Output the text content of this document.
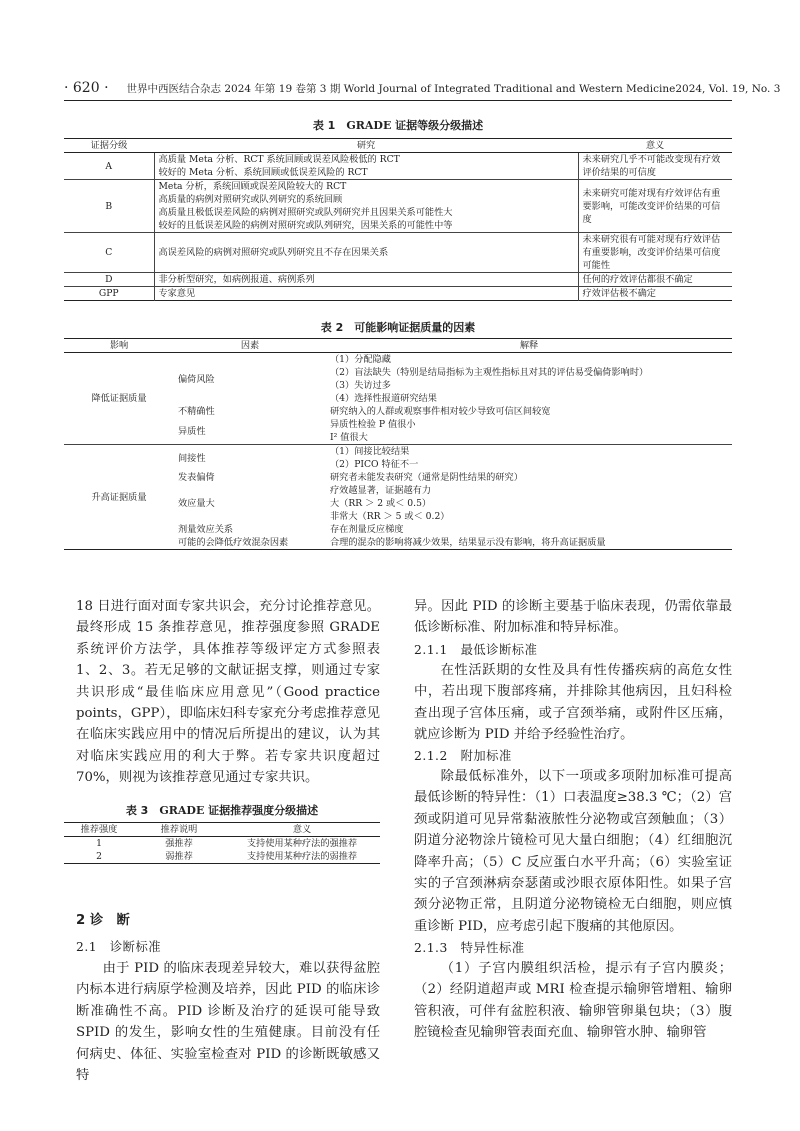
· 620 · 世界中西医结合杂志 2024 年第 19 卷第 3 期 World Journal of Integrated Traditional and Western Medicine 2024, Vol. 19, No. 3
表 1　 GRADE 证据等级分级描述
证据分级	研究	意义
A	高质量 Meta 分析、RCT 系统回顾或误差风险极低的 RCT
较好的 Meta 分析、系统回顾或低误差风险的 RCT	未来研究几乎不可能改变现有疗效评价结果的可信度
B	Meta 分析，系统回顾或误差风险较大的 RCT
高质量的病例对照研究或队列研究的系统回顾
高质量且极低误差风险的病例对照研究或队列研究并且因果关系可能性大
较好的且低误差风险的病例对照研究或队列研究，因果关系的可能性中等	未来研究可能对现有疗效评估有重要影响，可能改变评价结果的可信度
C	高误差风险的病例对照研究或队列研究且不存在因果关系	未来研究很有可能对现有疗效评估有重要影响，改变评价结果可信度可能性
D	非分析型研究，如病例报道、病例系列	任何的疗效评估都很不确定
GPP	专家意见	疗效评估极不确定
表 2　 可能影响证据质量的因素
影响	因素	解释
降低证据质量	偏倚风险	（1）分配隐藏
（2）盲法缺失（特别是结局指标为主观性指标且对其的评估易受偏倚影响时）
（3）失访过多
（4）选择性报道研究结果

	不精确性	研究纳入的人群或观察事件相对较少导致可信区间较宽
	异质性	异质性检验 P 值很小
I² 值很大

升高证据质量	间接性	（1）间接比较结果
（2）PICO 特征不一

	发表偏倚	研究者未能发表研究（通常是阴性结果的研究）
	效应量大	疗效越显著，证据越有力
大（RR ＞ 2 或＜ 0.5）
非常大（RR ＞ 5 或＜ 0.2）

	剂量效应关系	存在剂量反应梯度
	可能的会降低疗效混杂因素	合理的混杂的影响将减少效果，结果显示没有影响，将升高证据质量

18 日进行面对面专家共识会，充分讨论推荐意见。最终形成 15 条推荐意见，推荐强度参照 GRADE 系统评价方法学，具体推荐等级评定方式参照表 1、2、3。若无足够的文献证据支撑，则通过专家共识形成“最佳临床应用意见”（Good practice points，GPP），即临床妇科专家充分考虑推荐意见在临床实践应用中的情况后所提出的建议，认为其对临床实践应用的利大于弊。若专家共识度超过 70%，则视为该推荐意见通过专家共识。

表 3　 GRADE 证据推荐强度分级描述
推荐强度	推荐说明	意义
1	强推荐	支持使用某种疗法的强推荐
2	弱推荐	支持使用某种疗法的弱推荐
2 诊　断
2.1　诊断标准

由于 PID 的临床表现差异较大，难以获得盆腔内标本进行病原学检测及培养，因此 PID 的临床诊断准确性不高。PID 诊断及治疗的延误可能导致 SPID 的发生，影响女性的生殖健康。目前没有任何病史、体征、实验室检查对 PID 的诊断既敏感又特

异。因此 PID 的诊断主要基于临床表现，仍需依靠最低诊断标准、附加标准和特异标准。

2.1.1　最低诊断标准

在性活跃期的女性及具有性传播疾病的高危女性中，若出现下腹部疼痛，并排除其他病因，且妇科检查出现子宫体压痛，或子宫颈举痛，或附件区压痛，就应诊断为 PID 并给予经验性治疗。

2.1.2　附加标准

除最低标准外，以下一项或多项附加标准可提高最低诊断的特异性：（1）口表温度≥38.3 ℃；（2）宫颈或阴道可见异常黏液脓性分泌物或宫颈触血；（3）阴道分泌物涂片镜检可见大量白细胞；（4）红细胞沉降率升高；（5）C 反应蛋白水平升高；（6）实验室证实的子宫颈淋病奈瑟菌或沙眼衣原体阳性。如果子宫颈分泌物正常，且阴道分泌物镜检无白细胞，则应慎重诊断 PID，应考虑引起下腹痛的其他原因。

2.1.3　特异性标准

（1）子宫内膜组织活检，提示有子宫内膜炎；（2）经阴道超声或 MRI 检查提示输卵管增粗、输卵管积液，可伴有盆腔积液、输卵管卵巢包块；（3）腹腔镜检查见输卵管表面充血、输卵管水肿、输卵管
